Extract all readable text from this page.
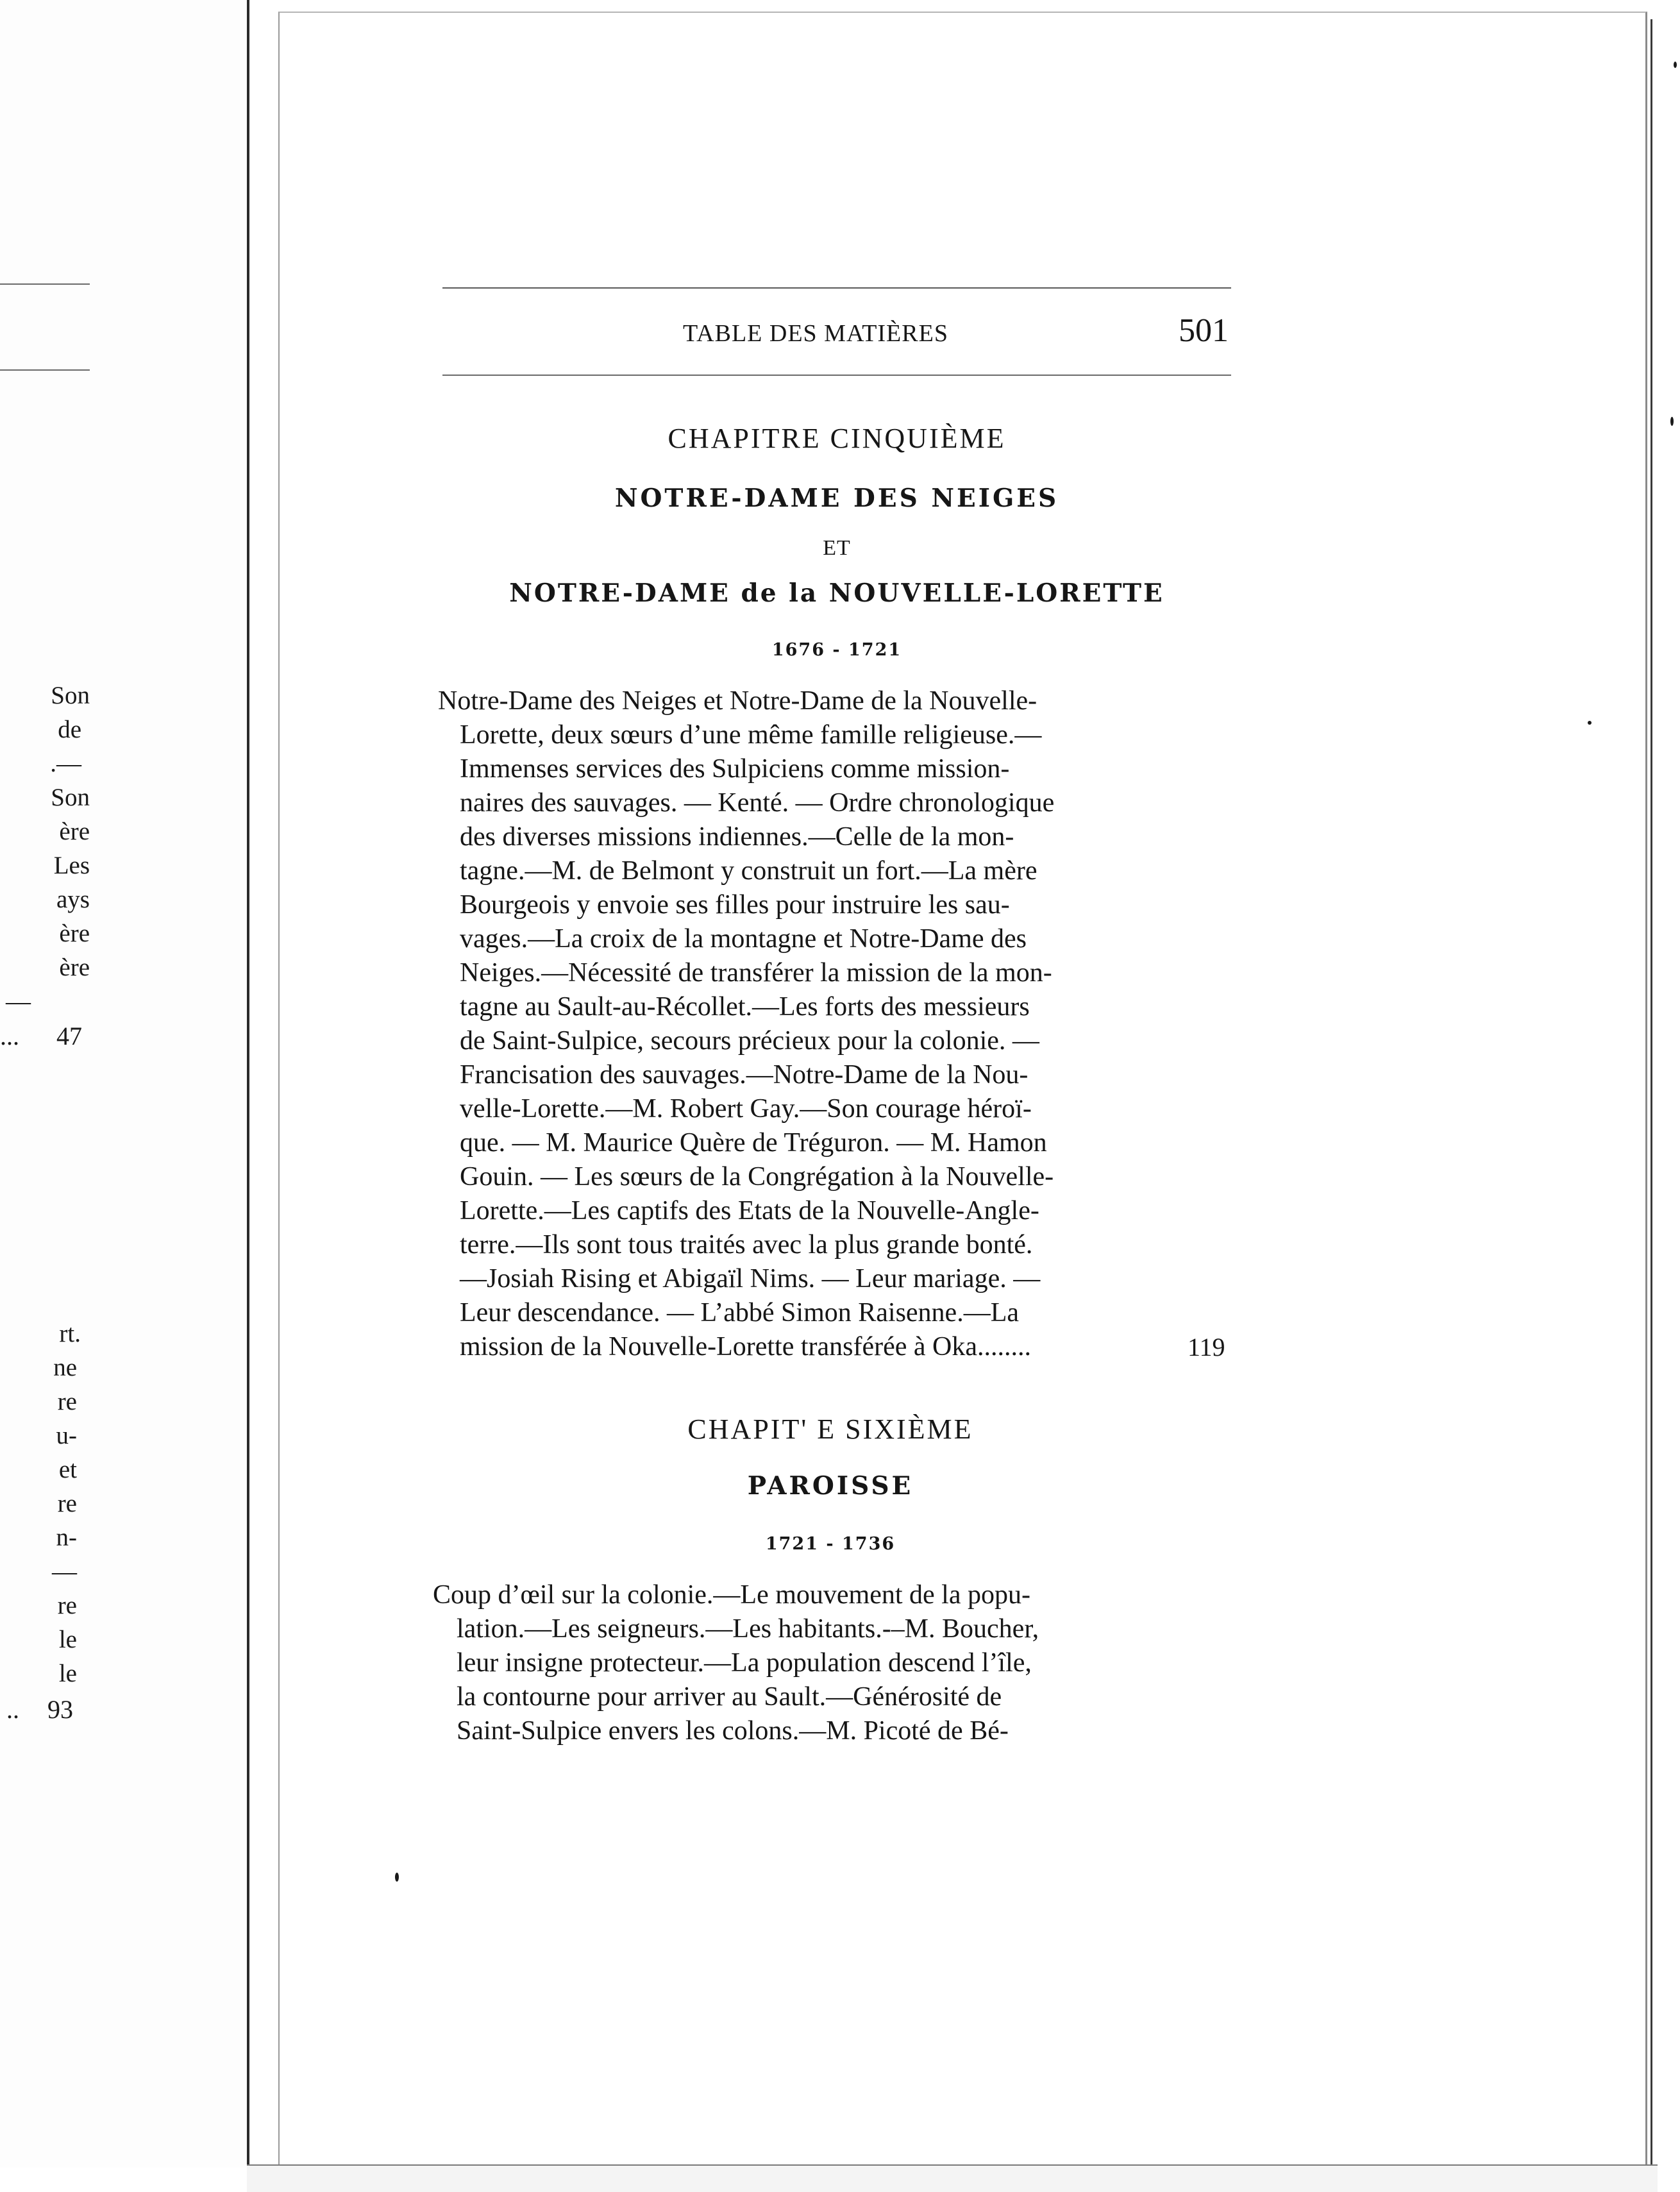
Son
de
.—
Son
ère
Les
ays
ère
ère
—
... 47
rt.
ne
re
u-
et
re
n-
—
re
le
le
.. 93
TABLE DES MATIÈRES	501
CHAPITRE CINQUIÈME
NOTRE-DAME DES NEIGES
ET
NOTRE-DAME de la NOUVELLE-LORETTE
1676 - 1721
Notre-Dame des Neiges et Notre-Dame de la Nouvelle-
Lorette, deux sœurs d’une même famille religieuse.—
Immenses services des Sulpiciens comme mission-
naires des sauvages. — Kenté. — Ordre chronologique
des diverses missions indiennes.—Celle de la mon-
tagne.—M. de Belmont y construit un fort.—La mère
Bourgeois y envoie ses filles pour instruire les sau-
vages.—La croix de la montagne et Notre-Dame des
Neiges.—Nécessité de transférer la mission de la mon-
tagne au Sault-au-Récollet.—Les forts des messieurs
de Saint-Sulpice, secours précieux pour la colonie. —
Francisation des sauvages.—Notre-Dame de la Nou-
velle-Lorette.—M. Robert Gay.—Son courage héroï-
que. — M. Maurice Quère de Tréguron. — M. Hamon
Gouin. — Les sœurs de la Congrégation à la Nouvelle-
Lorette.—Les captifs des Etats de la Nouvelle-Angle-
terre.—Ils sont tous traités avec la plus grande bonté.
—Josiah Rising et Abigaïl Nims. — Leur mariage. —
Leur descendance. — L’abbé Simon Raisenne.—La
mission de la Nouvelle-Lorette transférée à Oka........	119
CHAPIT' E SIXIÈME
PAROISSE
1721 - 1736
Coup d’œil sur la colonie.—Le mouvement de la popu-
lation.—Les seigneurs.—Les habitants.-–M. Boucher,
leur insigne protecteur.—La population descend l’île,
la contourne pour arriver au Sault.—Générosité de
Saint-Sulpice envers les colons.—M. Picoté de Bé-
